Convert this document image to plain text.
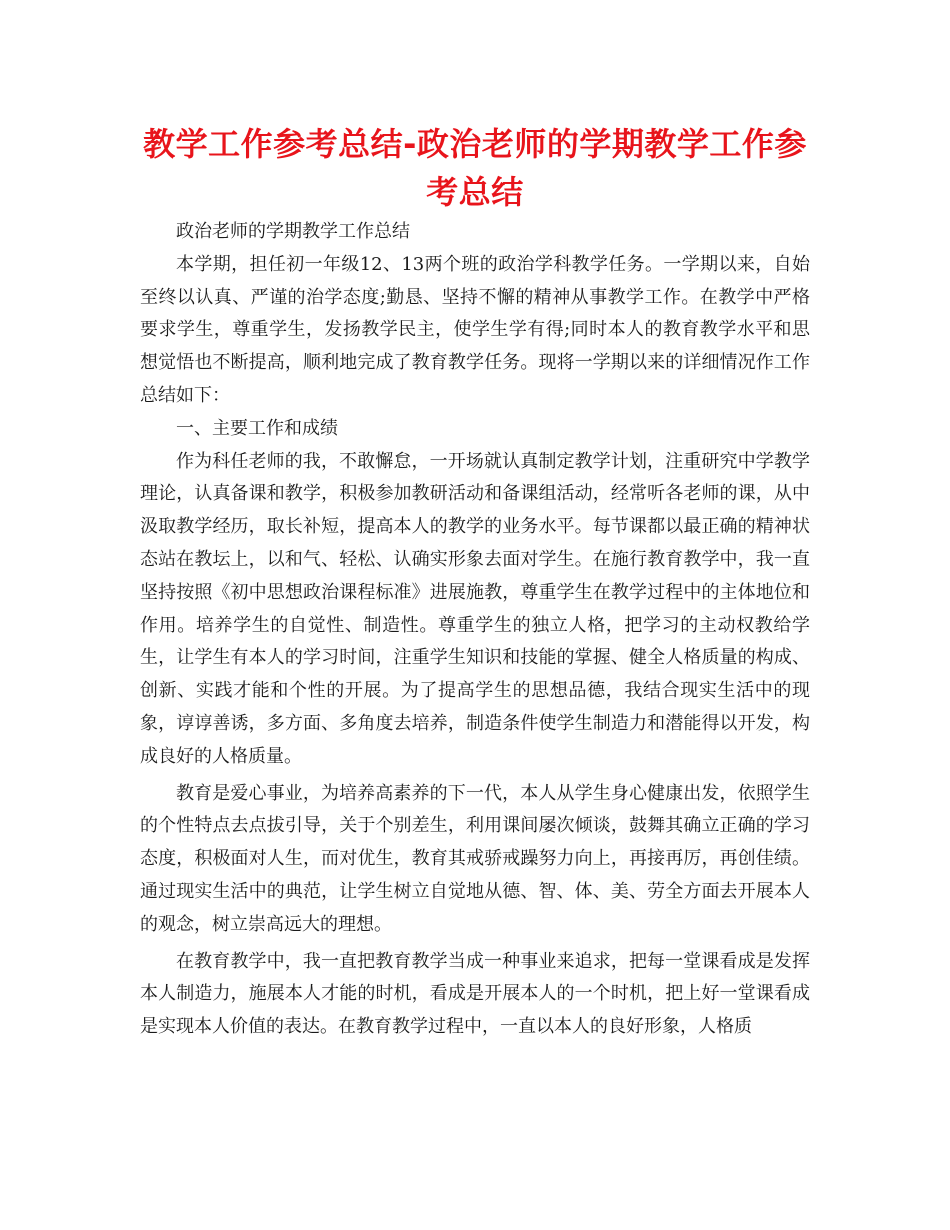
教学工作参考总结-政治老师的学期教学工作参考总结

政治老师的学期教学工作总结

本学期，担任初一年级12、13两个班的政治学科教学任务。一学期以来，自始至终以认真、严谨的治学态度;勤恳、坚持不懈的精神从事教学工作。在教学中严格要求学生，尊重学生，发扬教学民主，使学生学有得;同时本人的教育教学水平和思想觉悟也不断提高，顺利地完成了教育教学任务。现将一学期以来的详细情况作工作总结如下：

一、主要工作和成绩

作为科任老师的我，不敢懈怠，一开场就认真制定教学计划，注重研究中学教学理论，认真备课和教学，积极参加教研活动和备课组活动，经常听各老师的课，从中汲取教学经历，取长补短，提高本人的教学的业务水平。每节课都以最正确的精神状态站在教坛上，以和气、轻松、认确实形象去面对学生。在施行教育教学中，我一直坚持按照《初中思想政治课程标准》进展施教，尊重学生在教学过程中的主体地位和作用。培养学生的自觉性、制造性。尊重学生的独立人格，把学习的主动权教给学生，让学生有本人的学习时间，注重学生知识和技能的掌握、健全人格质量的构成、创新、实践才能和个性的开展。为了提高学生的思想品德，我结合现实生活中的现象，谆谆善诱，多方面、多角度去培养，制造条件使学生制造力和潜能得以开发，构成良好的人格质量。

教育是爱心事业，为培养高素养的下一代，本人从学生身心健康出发，依照学生的个性特点去点拔引导，关于个别差生，利用课间屡次倾谈，鼓舞其确立正确的学习态度，积极面对人生，而对优生，教育其戒骄戒躁努力向上，再接再厉，再创佳绩。通过现实生活中的典范，让学生树立自觉地从德、智、体、美、劳全方面去开展本人的观念，树立崇高远大的理想。

在教育教学中，我一直把教育教学当成一种事业来追求，把每一堂课看成是发挥本人制造力，施展本人才能的时机，看成是开展本人的一个时机，把上好一堂课看成是实现本人价值的表达。在教育教学过程中，一直以本人的良好形象，人格质
